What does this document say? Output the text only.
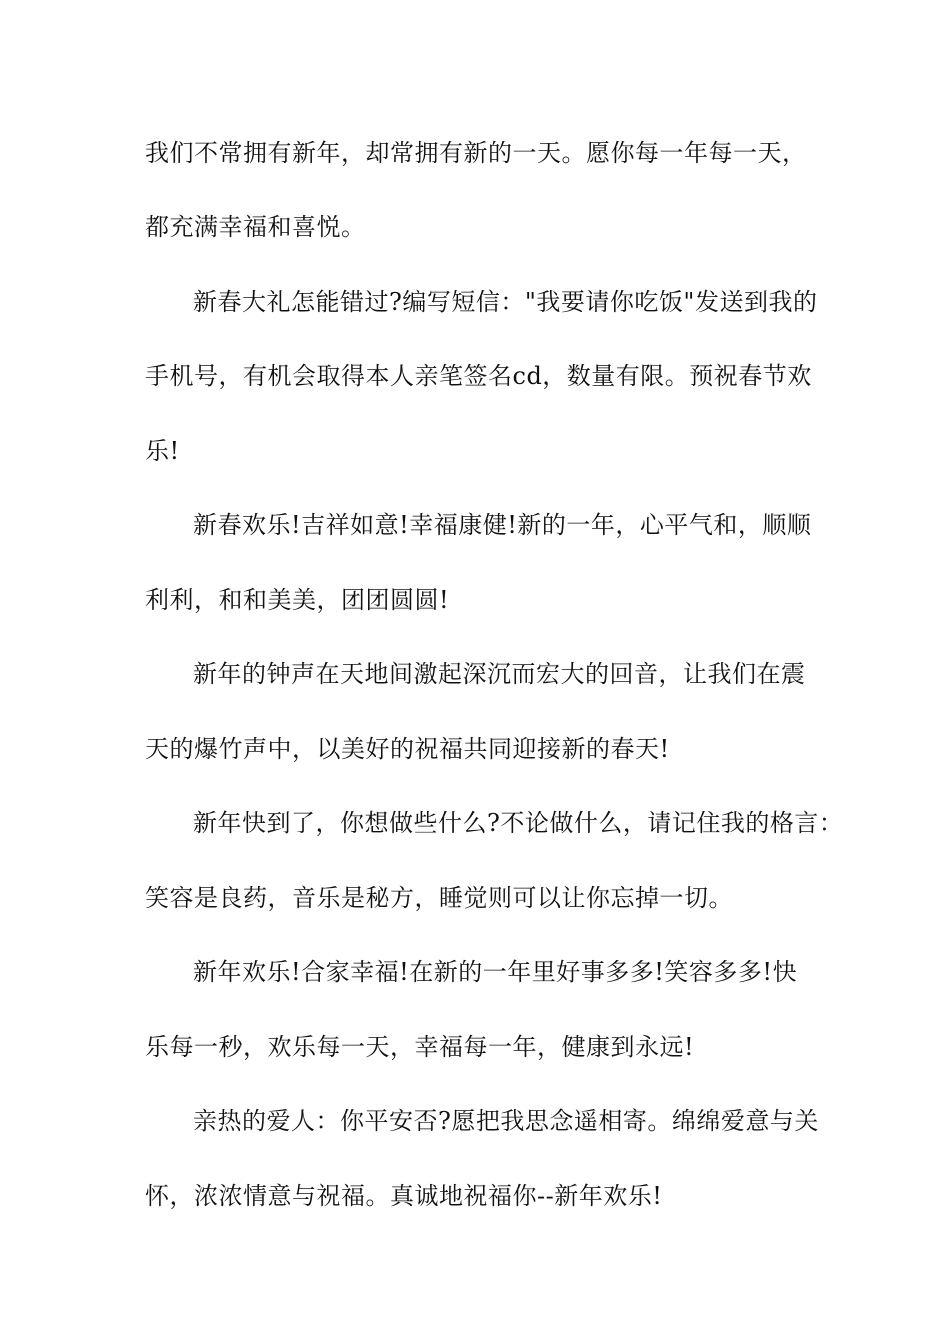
我们不常拥有新年，却常拥有新的一天。愿你每一年每一天，
都充满幸福和喜悦。
新春大礼怎能错过?编写短信："我要请你吃饭"发送到我的
手机号，有机会取得本人亲笔签名cd，数量有限。预祝春节欢
乐!
新春欢乐!吉祥如意!幸福康健!新的一年，心平气和，顺顺
利利，和和美美，团团圆圆!
新年的钟声在天地间激起深沉而宏大的回音，让我们在震
天的爆竹声中，以美好的祝福共同迎接新的春天!
新年快到了，你想做些什么?不论做什么，请记住我的格言：
笑容是良药，音乐是秘方，睡觉则可以让你忘掉一切。
新年欢乐!合家幸福!在新的一年里好事多多!笑容多多!快
乐每一秒，欢乐每一天，幸福每一年，健康到永远!
亲热的爱人：你平安否?愿把我思念遥相寄。绵绵爱意与关
怀，浓浓情意与祝福。真诚地祝福你--新年欢乐!
